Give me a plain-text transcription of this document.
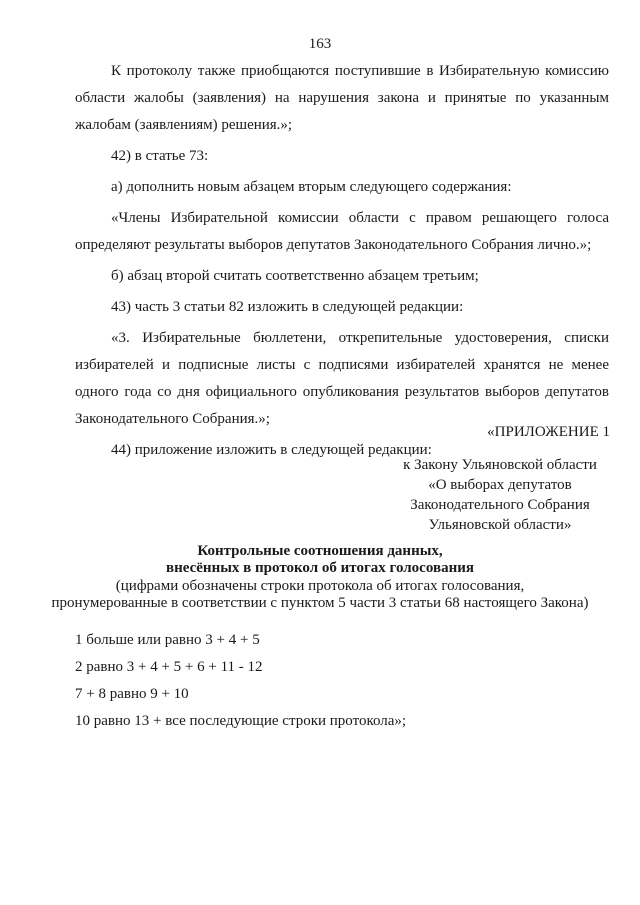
163

К протоколу также приобщаются поступившие в Избирательную комиссию области жалобы (заявления) на нарушения закона и принятые по указанным жалобам (заявлениям) решения.»;

42) в статье 73:

а) дополнить новым абзацем вторым следующего содержания:

«Члены Избирательной комиссии области с правом решающего голоса определяют результаты выборов депутатов Законодательного Собрания лично.»;

б) абзац второй считать соответственно абзацем третьим;

43) часть 3 статьи 82 изложить в следующей редакции:

«3. Избирательные бюллетени, открепительные удостоверения, списки избирателей и подписные листы с подписями избирателей хранятся не менее одного года со дня официального опубликования результатов выборов депутатов Законодательного Собрания.»;

44) приложение изложить в следующей редакции:

«ПРИЛОЖЕНИЕ 1
к Закону Ульяновской области
«О выборах депутатов
Законодательного Собрания
Ульяновской области»
Контрольные соотношения данных,
внесённых в протокол об итогах голосования
(цифрами обозначены строки протокола об итогах голосования,
пронумерованные в соответствии с пунктом 5 части 3 статьи 68 настоящего Закона)

1 больше или равно 3 + 4 + 5

2 равно 3 + 4 + 5 + 6 + 11 - 12

7 + 8 равно 9 + 10

10 равно 13 + все последующие строки протокола»;
